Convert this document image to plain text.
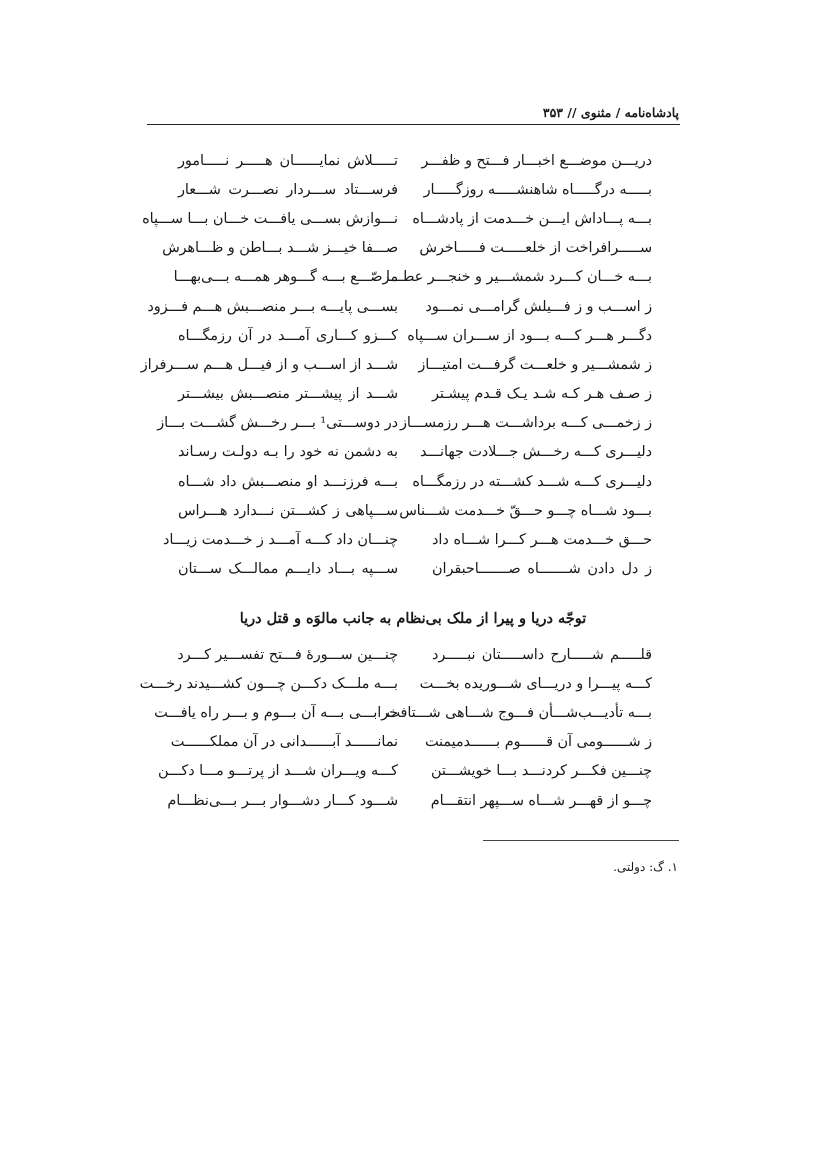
پادشاه‌نامه / مثنوی // ۳۵۳
دریـــن موضـــع اخبـــار فـــتح و ظفـــر
تـــــلاش نمایــــــان هـــــر نـــــامور
بـــــه درگـــــاه شاهنشـــــه روزگـــــار
فرســـتاد ســـردار نصـــرت شـــعار
بـــه پـــاداش ایـــن خـــدمت از پادشـــاه
نـــوازش بســـی یافـــت خـــان بـــا ســـپاه
ســـــرافراخت از خلعـــــت فـــــاخرش
صـــفا خیـــز شـــد بـــاطن و ظـــاهرش
بـــه خـــان کـــرد شمشـــیر و خنجـــر عطـــا
مرصّـــع بـــه گـــوهر همـــه بـــی‌بهـــا
ز اســـب و ز فـــیلش گرامـــی نمـــود
بســـی پایـــه بـــر منصـــبش هـــم فـــزود
دگـــر هـــر کـــه بـــود از ســـران ســـپاه
کـــزو کـــاری آمـــد در آن رزمگـــاه
ز شمشـــیر و خلعـــت گرفـــت امتیـــاز
شـــد از اســـب و از فیـــل هـــم ســـرفراز
ز صـف هـر کـه شـد یـک قـدم پیشـتر
شـــد از پیشـــتر منصـــبش بیشـــتر
ز زخمـــی کـــه برداشـــت هـــر رزمســـاز
در دوســـتی¹ بـــر رخـــش گشـــت بـــاز
دلیـــری کـــه رخـــش جـــلادت جهانـــد
به دشمن نه خود را بـه دولـت رسـاند
دلیـــری کـــه شـــد کشـــته در رزمگـــاه
بـــه فرزنـــد او منصـــبش داد شـــاه
بـــود شـــاه چـــو حـــقّ خـــدمت شـــناس
ســـپاهی ز کشـــتن نـــدارد هـــراس
حـــق خـــدمت هـــر کـــرا شـــاه داد
چنـــان داد کـــه آمـــد ز خـــدمت زیـــاد
ز دل دادن شـــــــاه صـــــــاحبقران
ســـپه بـــاد دایـــم ممالـــک ســـتان
توجّه دریا و پیرا از ملک بی‌نظام به جانب مالوَه و قتل دریا
قلـــــم شـــــارح داســـــتان نبـــــرد
چنـــین ســـورهٔ فـــتح تفســـیر کـــرد
کـــه پیـــرا و دریـــای شـــوریده بخـــت
بـــه ملـــک دکـــن چـــون کشـــیدند رخـــت
بـــه تأدیـــب‌شـــأن فـــوج شـــاهی شـــتافت
خرابـــی بـــه آن بـــوم و بـــر راه یافـــت
ز شــــــومی آن قــــــوم بــــــدمیمنت
نمانــــــد آبــــــدانی در آن مملکــــــت
چنـــین فکـــر کردنـــد بـــا خویشـــتن
کـــه ویـــران شـــد از پرتـــو مـــا دکـــن
چـــو از قهـــر شـــاه ســـپهر انتقـــام
شـــود کـــار دشـــوار بـــر بـــی‌نظـــام
۱. گ: دولتی.
